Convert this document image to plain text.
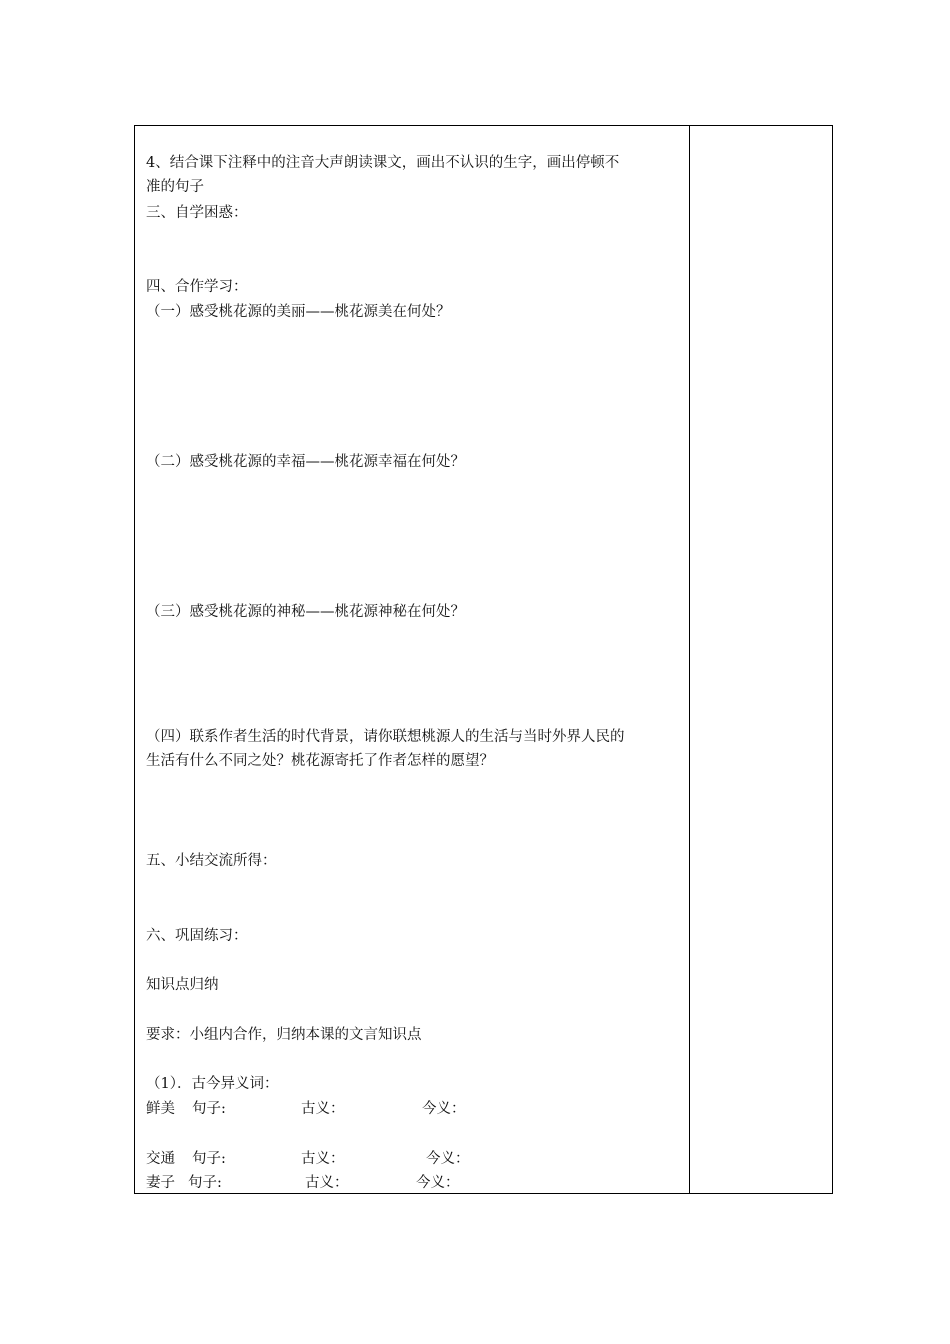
4、结合课下注释中的注音大声朗读课文，画出不认识的生字，画出停顿不
准的句子
三、自学困惑：
四、合作学习：
（一）感受桃花源的美丽——桃花源美在何处？
（二）感受桃花源的幸福——桃花源幸福在何处？
（三）感受桃花源的神秘——桃花源神秘在何处？
（四）联系作者生活的时代背景，请你联想桃源人的生活与当时外界人民的
生活有什么不同之处？桃花源寄托了作者怎样的愿望？
五、小结交流所得：
六、巩固练习：
知识点归纳
要求：小组内合作，归纳本课的文言知识点
（1）．古今异义词：
鲜美 句子:	古义：	今义：
交通 句子:	古义：	今义：
妻子 句子:	古义：	今义：
